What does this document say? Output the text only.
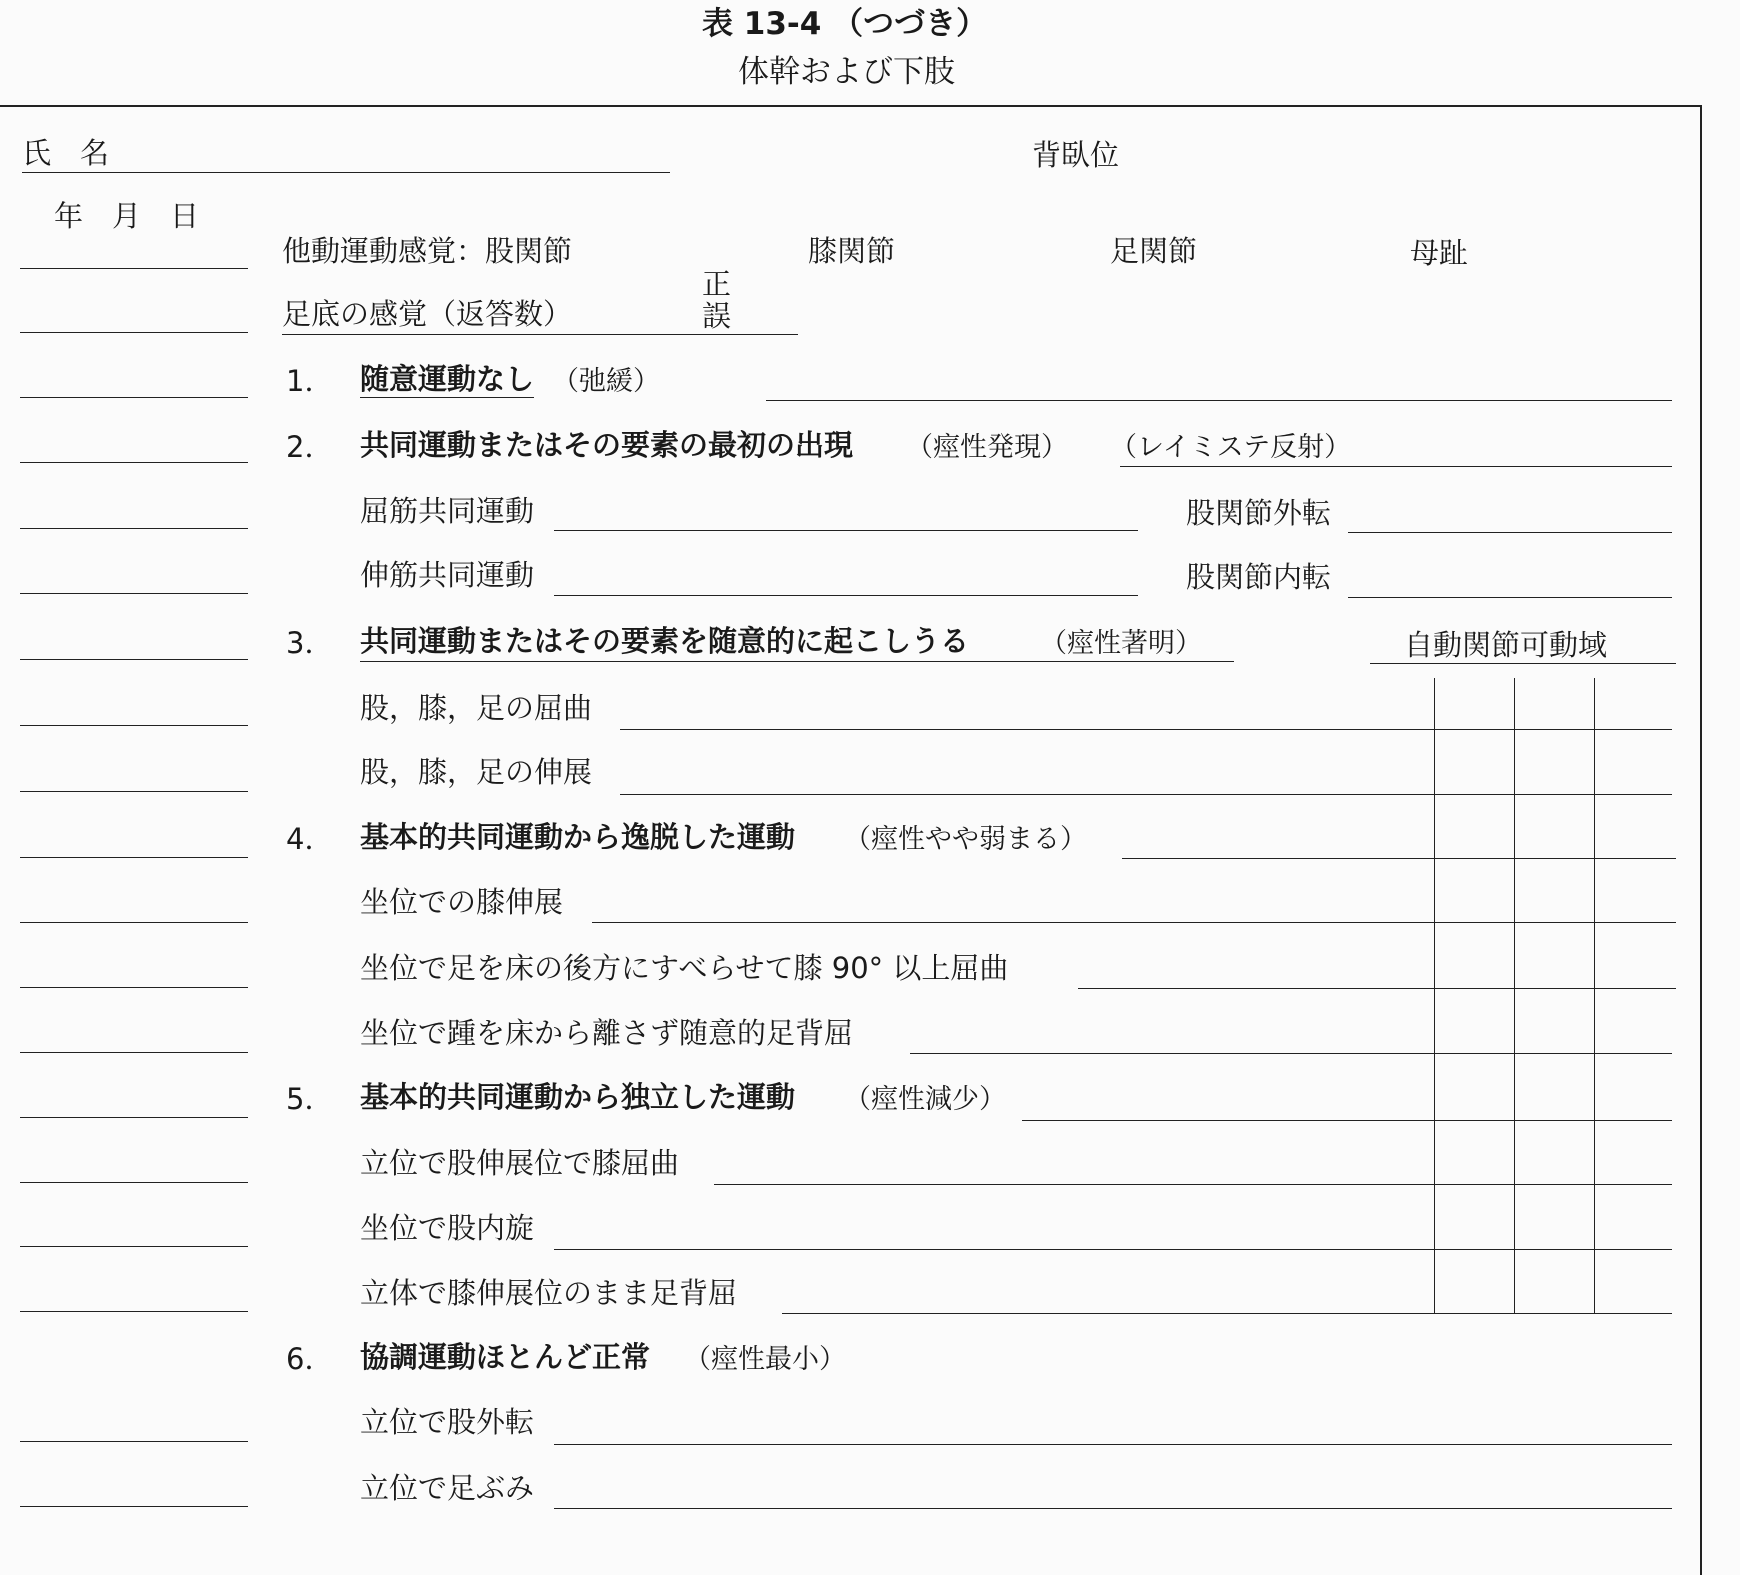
表 13-4 （つづき）
体幹および下肢
氏　名	背臥位
年　月　日
他動運動感覚：股関節	膝関節	足関節	母趾
正
誤
足底の感覚（返答数）
1． 随意運動なし （弛緩）
2． 共同運動またはその要素の最初の出現 （痙性発現） （レイミステ反射）
屈筋共同運動	股関節外転
伸筋共同運動	股関節内転
3． 共同運動またはその要素を随意的に起こしうる	（痙性著明）	自動関節可動域
股，膝，足の屈曲
股，膝，足の伸展
4． 基本的共同運動から逸脱した運動 （痙性やや弱まる）
坐位での膝伸展
坐位で足を床の後方にすべらせて膝 90° 以上屈曲
坐位で踵を床から離さず随意的足背屈
5． 基本的共同運動から独立した運動 （痙性減少）
立位で股伸展位で膝屈曲
坐位で股内旋
立体で膝伸展位のまま足背屈
6． 協調運動ほとんど正常 （痙性最小）
立位で股外転
立位で足ぶみ
